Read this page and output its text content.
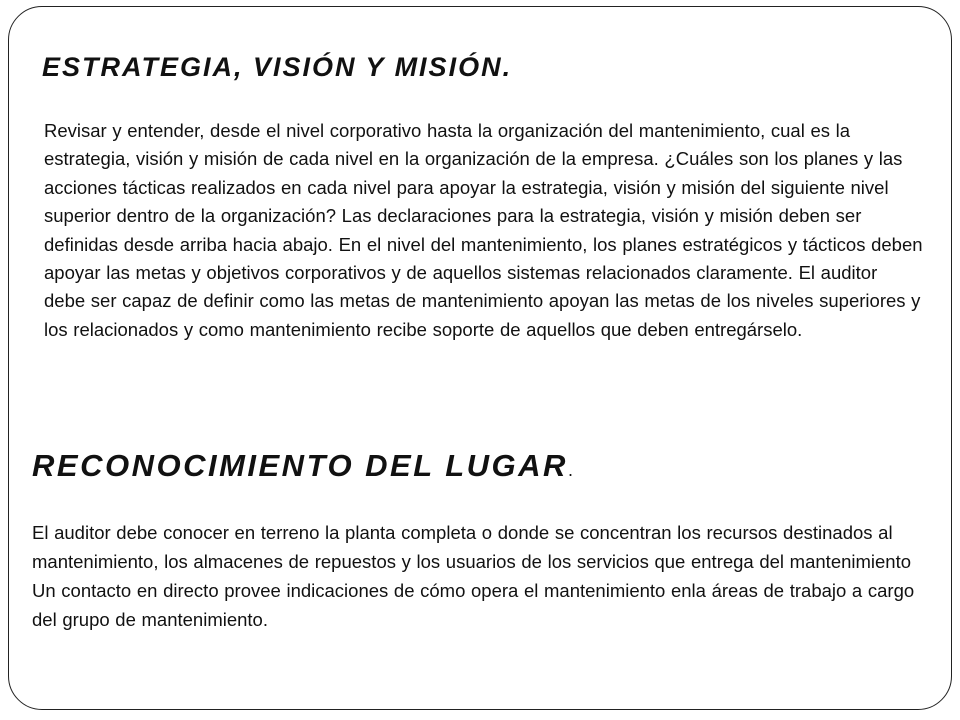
ESTRATEGIA, VISIÓN Y MISIÓN.
Revisar y entender, desde el nivel corporativo hasta la organización del mantenimiento, cual es la estrategia, visión y misión de cada nivel en la organización de la empresa. ¿Cuáles son los planes y las acciones tácticas realizados en cada nivel para apoyar la estrategia, visión y misión del siguiente nivel superior dentro de la organización? Las declaraciones para la estrategia, visión y misión deben ser definidas desde arriba hacia abajo. En el nivel del mantenimiento, los planes estratégicos y tácticos deben apoyar las metas y objetivos corporativos y de aquellos sistemas relacionados claramente. El auditor debe ser capaz de definir como las metas de mantenimiento apoyan las metas de los niveles superiores y los relacionados y como mantenimiento recibe soporte de aquellos que deben entregárselo.
RECONOCIMIENTO DEL LUGAR.
El auditor debe conocer en terreno la planta completa o donde se concentran los recursos destinados al mantenimiento, los almacenes de repuestos y los usuarios de los servicios que entrega del mantenimiento
Un contacto en directo provee indicaciones de cómo opera el mantenimiento enla áreas de trabajo a cargo del grupo de mantenimiento.
